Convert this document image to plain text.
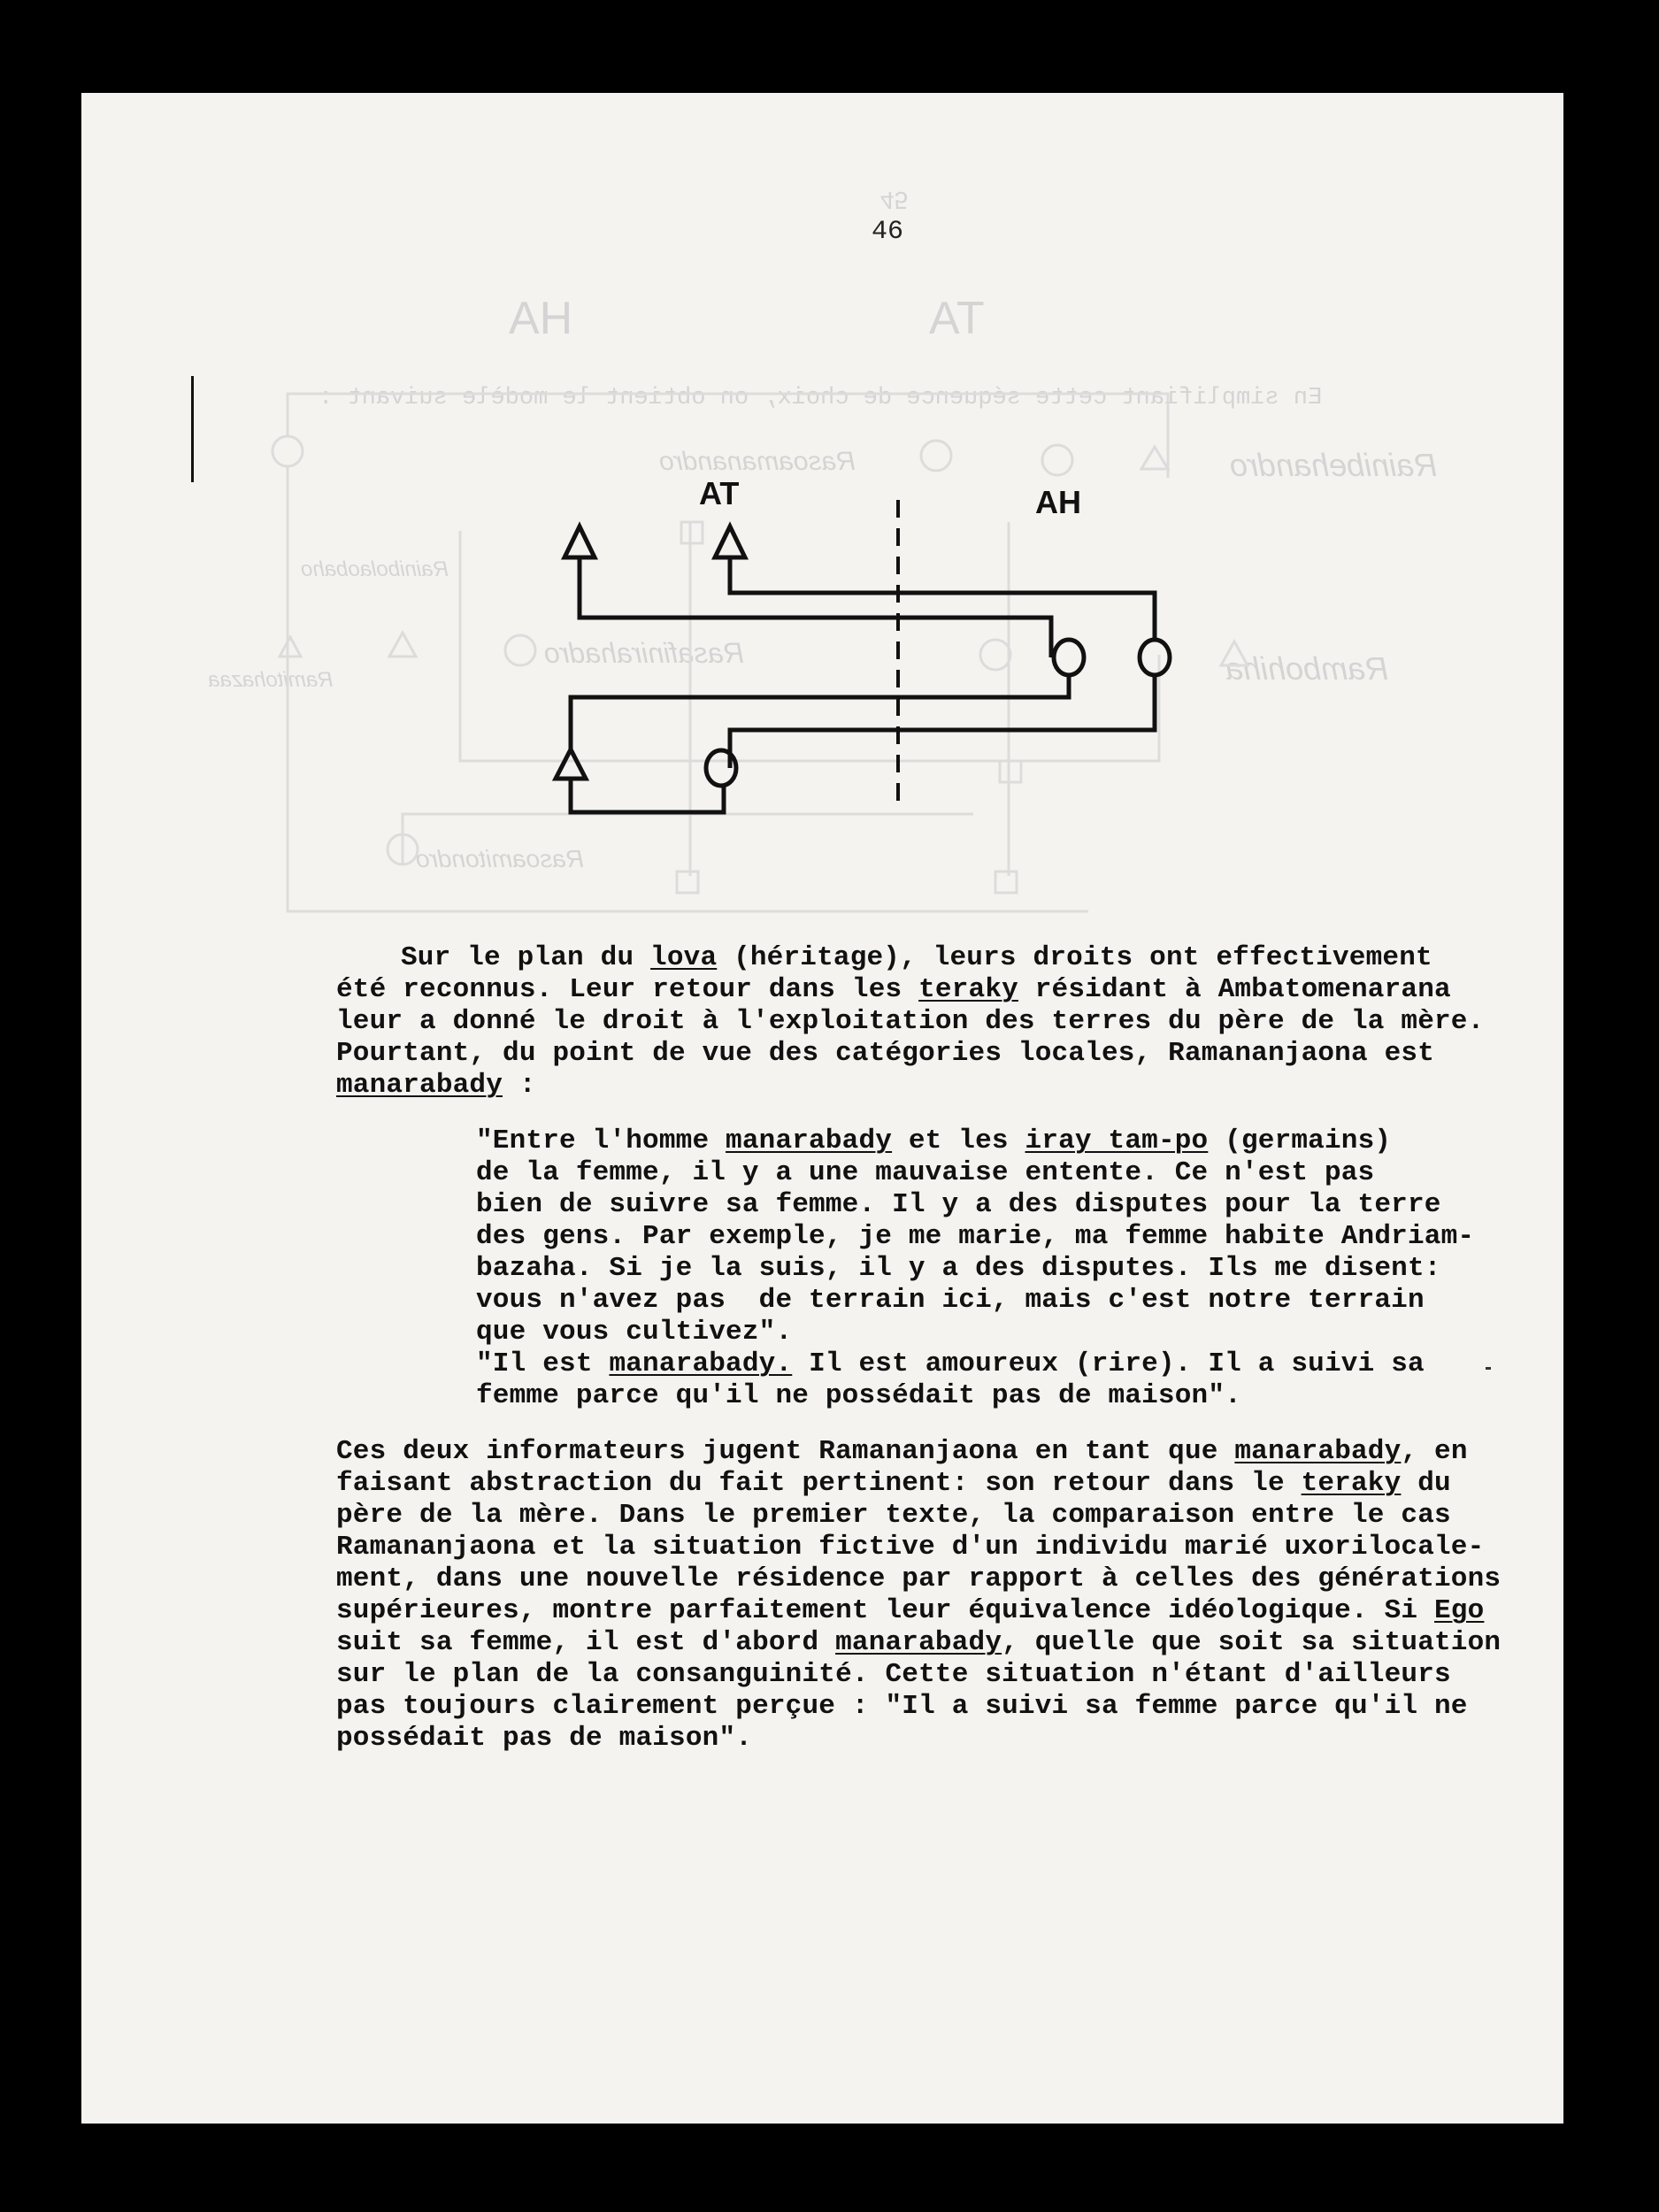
45
AH	AT
Rainibehandro
Rasoamanandro
Rainibolaobaho
Rasafinirahadro	Rambohiha
Ramitohazaa
Rasoamitondro
En simplifiant cette séquence de choix, on obtient le modèle suivant :
46
AT	AH
Sur le plan du lova (héritage), leurs droits ont effectivement
été reconnus. Leur retour dans les teraky résidant à Ambatomenarana
leur a donné le droit à l'exploitation des terres du père de la mère.
Pourtant, du point de vue des catégories locales, Ramananjaona est
manarabady :
"Entre l'homme manarabady et les iray tam-po (germains)
de la femme, il y a une mauvaise entente. Ce n'est pas
bien de suivre sa femme. Il y a des disputes pour la terre
des gens. Par exemple, je me marie, ma femme habite Andriam-
bazaha. Si je la suis, il y a des disputes. Ils me disent:
vous n'avez pas  de terrain ici, mais c'est notre terrain
que vous cultivez".
"Il est manarabady. Il est amoureux (rire). Il a suivi sa
femme parce qu'il ne possédait pas de maison".
Ces deux informateurs jugent Ramananjaona en tant que manarabady, en
faisant abstraction du fait pertinent: son retour dans le teraky du
père de la mère. Dans le premier texte, la comparaison entre le cas
Ramananjaona et la situation fictive d'un individu marié uxorilocale-
ment, dans une nouvelle résidence par rapport à celles des générations
supérieures, montre parfaitement leur équivalence idéologique. Si Ego
suit sa femme, il est d'abord manarabady, quelle que soit sa situation
sur le plan de la consanguinité. Cette situation n'étant d'ailleurs
pas toujours clairement perçue : "Il a suivi sa femme parce qu'il ne
possédait pas de maison".
